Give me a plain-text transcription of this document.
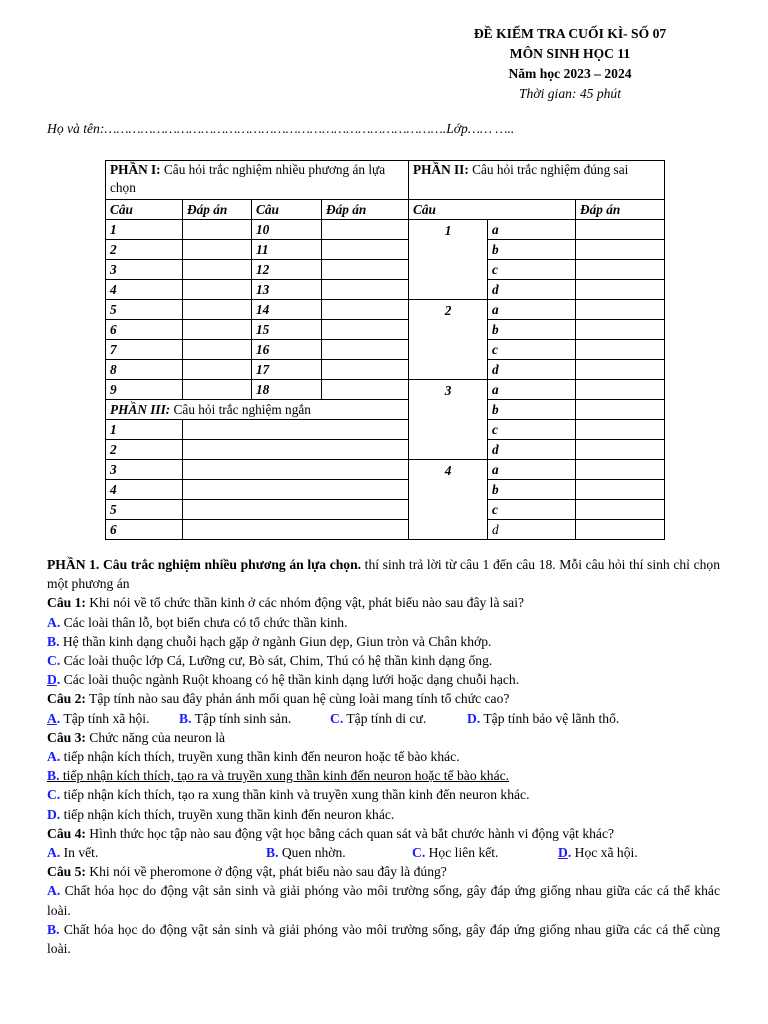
ĐỀ KIỂM TRA CUỐI KÌ- SỐ 07
MÔN SINH HỌC 11
Năm học 2023 – 2024
Thời gian: 45 phút
Họ và tên:………………………………………………………………………….Lớp…… …..
PHẦN I: Câu hỏi trắc nghiệm nhiều phương án lựa chọn				PHẦN II: Câu hỏi trắc nghiệm đúng sai		
Câu	Đáp án	Câu	Đáp án	Câu		Đáp án
1		10		1	a	
2		11			b	
3		12			c	
4		13			d	
5		14		2	a	
6		15			b	
7		16			c	
8		17			d	
9		18		3	a	
PHẦN III: Câu hỏi trắc nghiệm ngắn					b	
1					c	
2					d	
3				4	a	
4					b	
5					c	
6					d	

PHẦN 1. Câu trắc nghiệm nhiều phương án lựa chọn. thí sinh trả lời từ câu 1 đến câu 18. Mỗi câu hỏi thí sinh chỉ chọn một phương án

Câu 1: Khi nói về tổ chức thần kinh ở các nhóm động vật, phát biểu nào sau đây là sai?

A. Các loài thân lỗ, bọt biển chưa có tổ chức thần kinh.

B. Hệ thần kinh dạng chuỗi hạch gặp ở ngành Giun dẹp, Giun tròn và Chân khớp.

C. Các loài thuộc lớp Cá, Lưỡng cư, Bò sát, Chim, Thú có hệ thần kinh dạng ống.

D. Các loài thuộc ngành Ruột khoang có hệ thần kinh dạng lưới hoặc dạng chuỗi hạch.

Câu 2: Tập tính nào sau đây phản ánh mối quan hệ cùng loài mang tính tổ chức cao?

A. Tập tính xã hội. B. Tập tính sinh sản.	C. Tập tính di cư.	D. Tập tính bảo vệ lãnh thổ.

Câu 3: Chức năng của neuron là

A. tiếp nhận kích thích, truyền xung thần kinh đến neuron hoặc tế bào khác.

B. tiếp nhận kích thích, tạo ra và truyền xung thần kinh đến neuron hoặc tế bào khác.

C. tiếp nhận kích thích, tạo ra xung thần kinh và truyền xung thần kinh đến neuron khác.

D. tiếp nhận kích thích, truyền xung thần kinh đến neuron khác.

Câu 4: Hình thức học tập nào sau động vật học bằng cách quan sát và bắt chước hành vi động vật khác?

A. In vết.	B. Quen nhờn.	C. Học liên kết.	D. Học xã hội.

Câu 5: Khi nói về pheromone ở động vật, phát biểu nào sau đây là đúng?

A. Chất hóa học do động vật sản sinh và giải phóng vào môi trường sống, gây đáp ứng giống nhau giữa các cá thể khác loài.

B. Chất hóa học do động vật sản sinh và giải phóng vào môi trường sống, gây đáp ứng giống nhau giữa các cá thể cùng loài.
